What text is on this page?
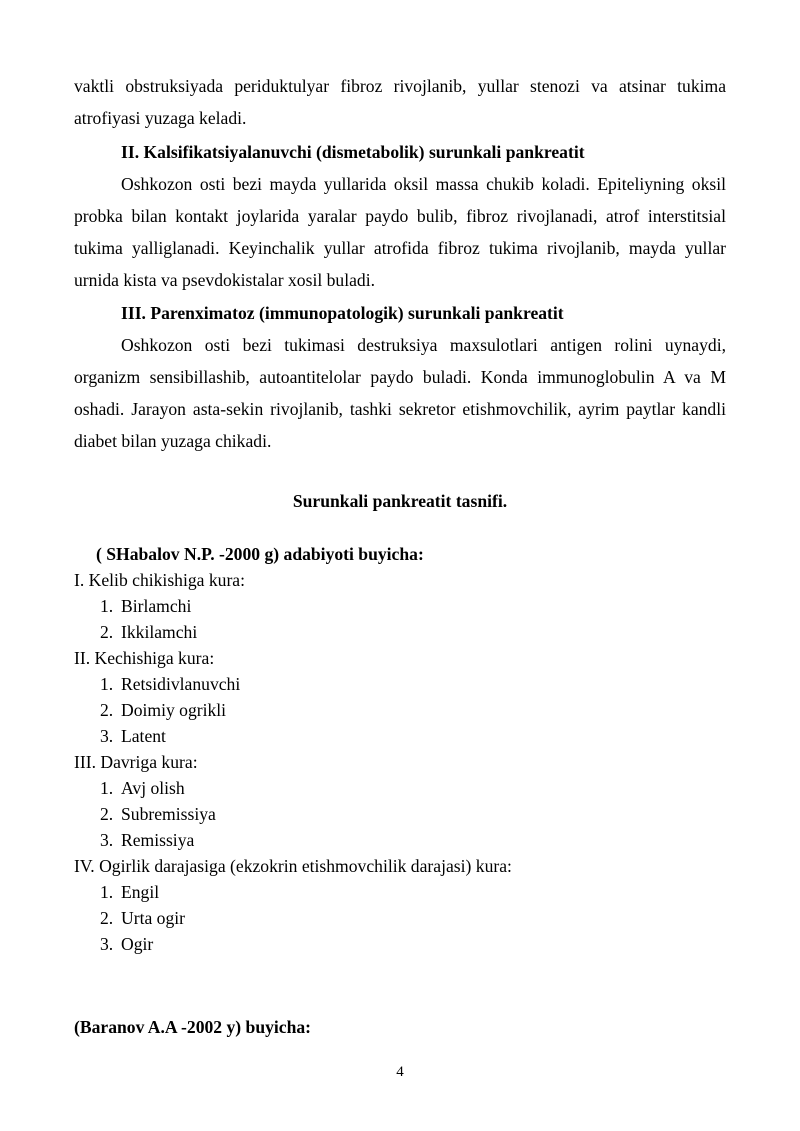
vaktli obstruksiyada periduktulyar fibroz rivojlanib, yullar stenozi va atsinar tukima atrofiyasi yuzaga keladi.

II. Kalsifikatsiyalanuvchi (dismetabolik) surunkali pankreatit

Oshkozon osti bezi mayda yullarida oksil massa chukib koladi. Epiteliyning oksil probka bilan kontakt joylarida yaralar paydo bulib, fibroz rivojlanadi, atrof interstitsial tukima yalliglanadi. Keyinchalik yullar atrofida fibroz tukima rivojlanib, mayda yullar urnida kista va psevdokistalar xosil buladi.

III. Parenximatoz (immunopatologik) surunkali pankreatit

Oshkozon osti bezi tukimasi destruksiya maxsulotlari antigen rolini uynaydi, organizm sensibillashib, autoantitelolar paydo buladi. Konda immunoglobulin A va M oshadi. Jarayon asta-sekin rivojlanib, tashki sekretor etishmovchilik, ayrim paytlar kandli diabet bilan yuzaga chikadi.

Surunkali pankreatit tasnifi.

( SHabalov N.P. -2000 g) adabiyoti buyicha:

I. Kelib chikishiga kura:

1. Birlamchi
2. Ikkilamchi

II. Kechishiga kura:

1. Retsidivlanuvchi
2. Doimiy ogrikli
3. Latent

III. Davriga kura:

1. Avj olish
2. Subremissiya
3. Remissiya

IV. Ogirlik darajasiga (ekzokrin etishmovchilik darajasi) kura:

1. Engil
2. Urta ogir
3. Ogir

(Baranov A.A -2002 y) buyicha:

4
